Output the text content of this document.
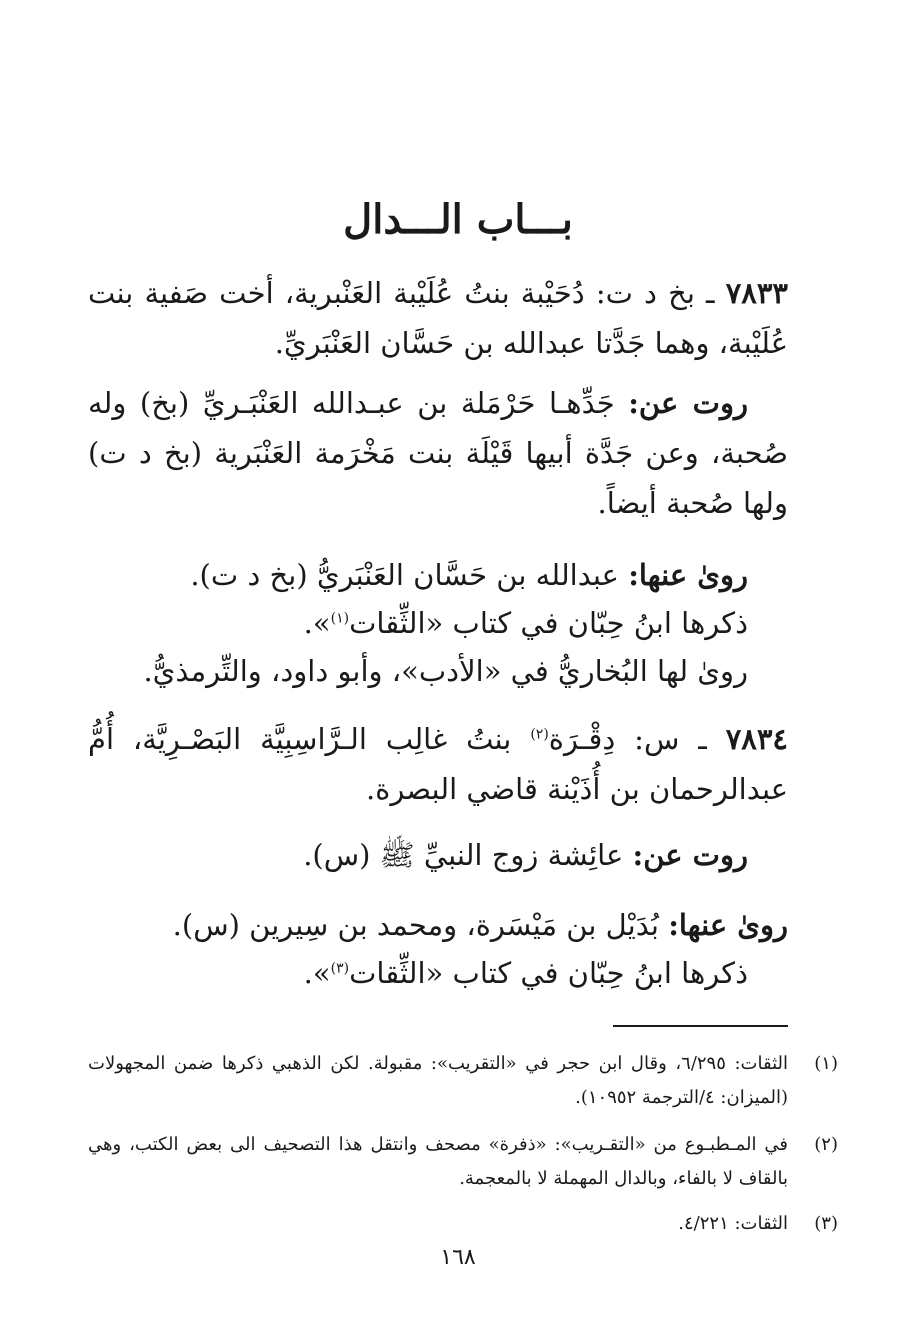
بـــاب الـــدال
٧٨٣٣ ـ بخ د ت: دُحَيْبة بنتُ عُلَيْبة العَنْبرية، أخت صَفية بنت عُلَيْبة، وهما جَدَّتا عبدالله بن حَسَّان العَنْبَريِّ.
روت عن: جَدِّهـا حَرْمَلة بن عبـدالله العَنْبَـريِّ (بخ) وله صُحبة، وعن جَدَّة أبيها قَيْلَة بنت مَخْرَمة العَنْبَرية (بخ د ت) ولها صُحبة أيضاً.
روىٰ عنها: عبدالله بن حَسَّان العَنْبَريُّ (بخ د ت).
ذكرها ابنُ حِبّان في كتاب «الثِّقات$^{(١)}$».
روىٰ لها البُخاريُّ في «الأدب»، وأبو داود، والتِّرمذيُّ.
٧٨٣٤ ـ س: دِقْـرَة$^{(٢)}$ بنتُ غالِب الـرَّاسِبِيَّة البَصْـرِيَّة، أُمُّ عبدالرحمان بن أُذَيْنة قاضي البصرة.
روت عن: عائِشة زوج النبيِّ ﷺ (س).
روىٰ عنها: بُدَيْل بن مَيْسَرة، ومحمد بن سِيرين (س).
ذكرها ابنُ حِبّان في كتاب «الثِّقات$^{(٣)}$».
(١)
الثقات: ٦/٢٩٥، وقال ابن حجر في «التقريب»: مقبولة. لكن الذهبي ذكرها ضمن المجهولات (الميزان: ٤/الترجمة ١٠٩٥٢).
(٢)
في المـطبـوع من «التقـريب»: «ذفرة» مصحف وانتقل هذا التصحيف الى بعض الكتب، وهي بالقاف لا بالفاء، وبالدال المهملة لا بالمعجمة.
(٣)
الثقات: ٤/٢٢١.
١٦٨
